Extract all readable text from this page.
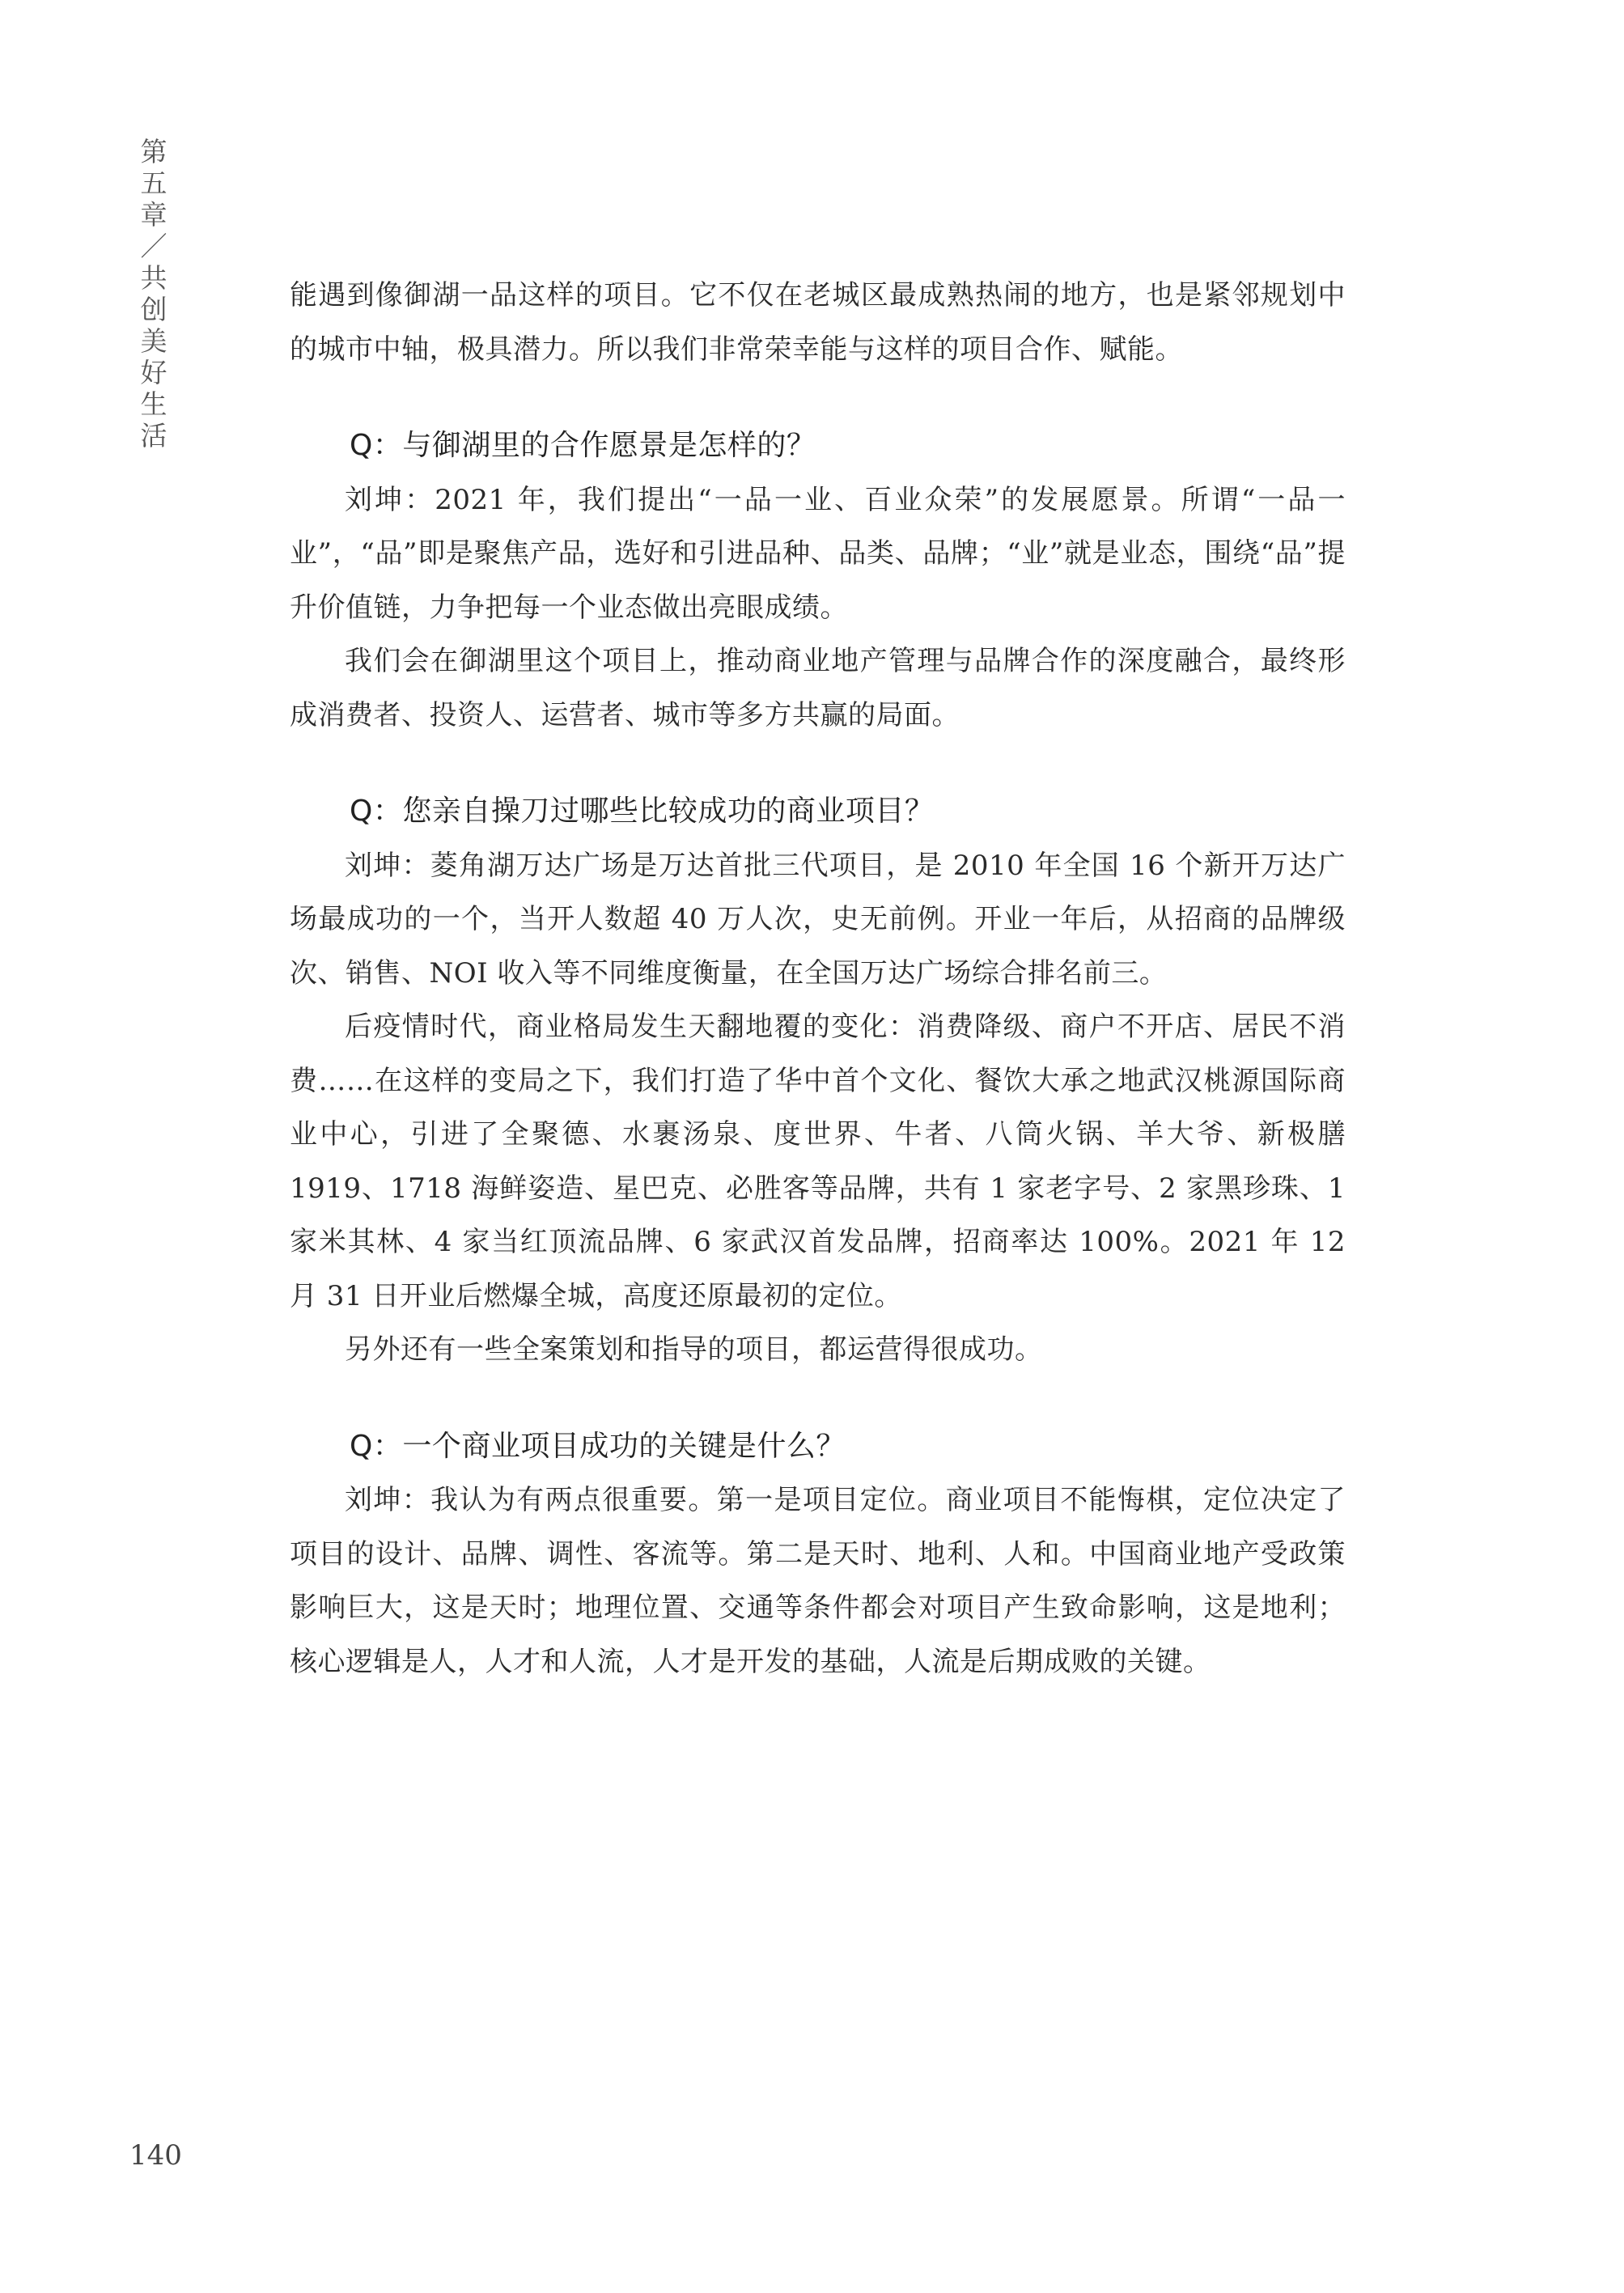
第五章／共创美好生活

能遇到像御湖一品这样的项目。它不仅在老城区最成熟热闹的地方，也是紧邻规划中的城市中轴，极具潜力。所以我们非常荣幸能与这样的项目合作、赋能。

Q：与御湖里的合作愿景是怎样的？

刘坤：2021 年，我们提出“一品一业、百业众荣”的发展愿景。所谓“一品一业”，“品”即是聚焦产品，选好和引进品种、品类、品牌；“业”就是业态，围绕“品”提升价值链，力争把每一个业态做出亮眼成绩。

我们会在御湖里这个项目上，推动商业地产管理与品牌合作的深度融合，最终形成消费者、投资人、运营者、城市等多方共赢的局面。

Q：您亲自操刀过哪些比较成功的商业项目？

刘坤：菱角湖万达广场是万达首批三代项目，是 2010 年全国 16 个新开万达广场最成功的一个，当开人数超 40 万人次，史无前例。开业一年后，从招商的品牌级次、销售、NOI 收入等不同维度衡量，在全国万达广场综合排名前三。

后疫情时代，商业格局发生天翻地覆的变化：消费降级、商户不开店、居民不消费……在这样的变局之下，我们打造了华中首个文化、餐饮大承之地武汉桃源国际商业中心，引进了全聚德、水裹汤泉、度世界、牛者、八筒火锅、羊大爷、新极膳 1919、1718 海鲜姿造、星巴克、必胜客等品牌，共有 1 家老字号、2 家黑珍珠、1 家米其林、4 家当红顶流品牌、6 家武汉首发品牌，招商率达 100%。2021 年 12 月 31 日开业后燃爆全城，高度还原最初的定位。

另外还有一些全案策划和指导的项目，都运营得很成功。

Q：一个商业项目成功的关键是什么？

刘坤：我认为有两点很重要。第一是项目定位。商业项目不能悔棋，定位决定了项目的设计、品牌、调性、客流等。第二是天时、地利、人和。中国商业地产受政策影响巨大，这是天时；地理位置、交通等条件都会对项目产生致命影响，这是地利；核心逻辑是人，人才和人流，人才是开发的基础，人流是后期成败的关键。

140
